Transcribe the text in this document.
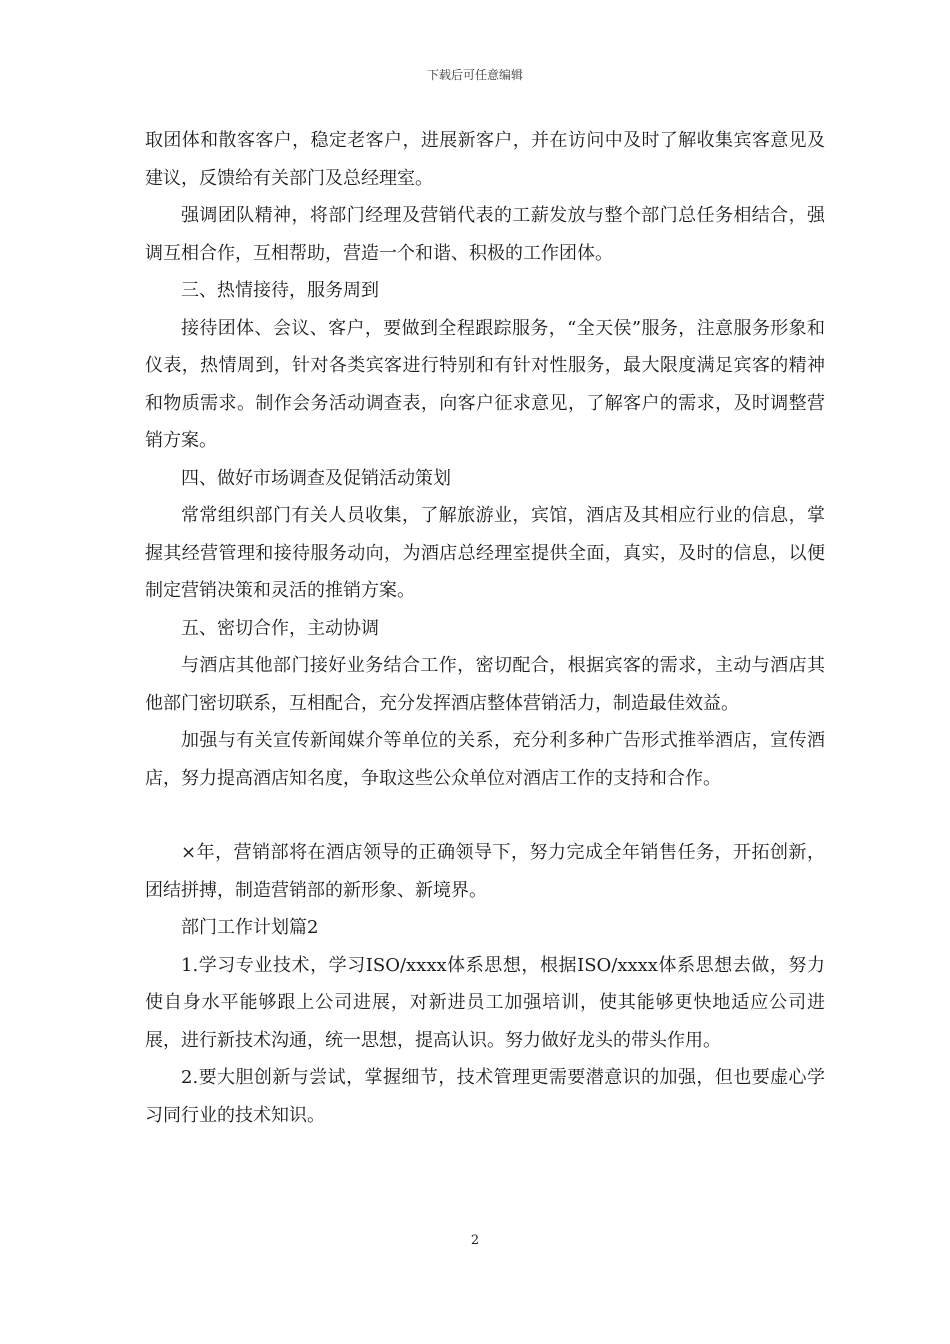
下载后可任意编辑

取团体和散客客户，稳定老客户，进展新客户，并在访问中及时了解收集宾客意见及建议，反馈给有关部门及总经理室。

强调团队精神，将部门经理及营销代表的工薪发放与整个部门总任务相结合，强调互相合作，互相帮助，营造一个和谐、积极的工作团体。

三、热情接待，服务周到

接待团体、会议、客户，要做到全程跟踪服务，“全天侯”服务，注意服务形象和仪表，热情周到，针对各类宾客进行特别和有针对性服务，最大限度满足宾客的精神和物质需求。制作会务活动调查表，向客户征求意见，了解客户的需求，及时调整营销方案。

四、做好市场调查及促销活动策划

常常组织部门有关人员收集，了解旅游业，宾馆，酒店及其相应行业的信息，掌握其经营管理和接待服务动向，为酒店总经理室提供全面，真实，及时的信息，以便制定营销决策和灵活的推销方案。

五、密切合作，主动协调

与酒店其他部门接好业务结合工作，密切配合，根据宾客的需求，主动与酒店其他部门密切联系，互相配合，充分发挥酒店整体营销活力，制造最佳效益。

加强与有关宣传新闻媒介等单位的关系，充分利多种广告形式推举酒店，宣传酒店，努力提高酒店知名度，争取这些公众单位对酒店工作的支持和合作。

×年，营销部将在酒店领导的正确领导下，努力完成全年销售任务，开拓创新，团结拼搏，制造营销部的新形象、新境界。

部门工作计划篇2

1.学习专业技术，学习ISO/xxxx体系思想，根据ISO/xxxx体系思想去做，努力使自身水平能够跟上公司进展，对新进员工加强培训，使其能够更快地适应公司进展，进行新技术沟通，统一思想，提高认识。努力做好龙头的带头作用。

2.要大胆创新与尝试，掌握细节，技术管理更需要潜意识的加强，但也要虚心学习同行业的技术知识。

2
